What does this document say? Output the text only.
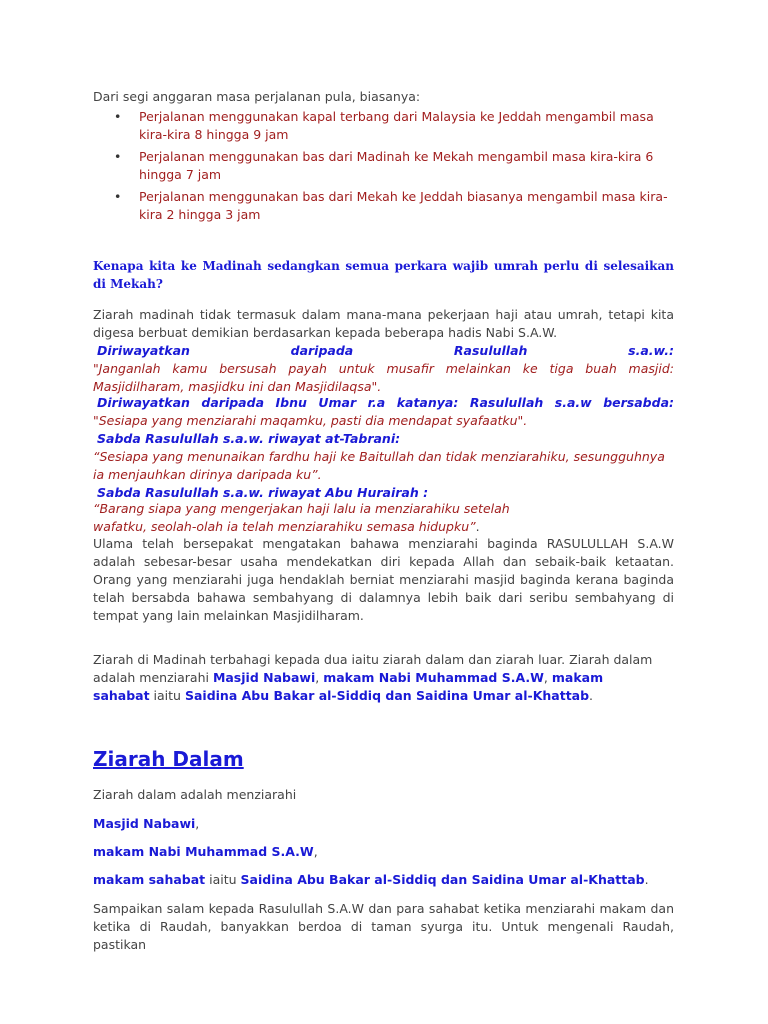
Dari segi anggaran masa perjalanan pula, biasanya:

• Perjalanan menggunakan kapal terbang dari Malaysia ke Jeddah mengambil masa kira-kira 8 hingga 9 jam
• Perjalanan menggunakan bas dari Madinah ke Mekah mengambil masa kira-kira 6 hingga 7 jam
• Perjalanan menggunakan bas dari Mekah ke Jeddah biasanya mengambil masa kira-kira 2 hingga 3 jam

Kenapa kita ke Madinah sedangkan semua perkara wajib umrah perlu di selesaikan di Mekah?

Ziarah madinah tidak termasuk dalam mana-mana pekerjaan haji atau umrah, tetapi kita digesa berbuat demikian berdasarkan kepada beberapa hadis Nabi S.A.W.

Diriwayatkan daripada Rasulullah s.a.w.:

"Janganlah kamu bersusah payah untuk musafir melainkan ke tiga buah masjid: Masjidilharam, masjidku ini dan Masjidilaqsa".

Diriwayatkan daripada Ibnu Umar r.a katanya: Rasulullah s.a.w bersabda:

"Sesiapa yang menziarahi maqamku, pasti dia mendapat syafaatku".

Sabda Rasulullah s.a.w. riwayat at-Tabrani:

“Sesiapa yang menunaikan fardhu haji ke Baitullah dan tidak menziarahiku, sesungguhnya ia menjauhkan dirinya daripada ku”.

Sabda Rasulullah s.a.w. riwayat Abu Hurairah :

“Barang siapa yang mengerjakan haji lalu ia menziarahiku setelah

wafatku, seolah-olah ia telah menziarahiku semasa hidupku”.

Ulama telah bersepakat mengatakan bahawa menziarahi baginda RASULULLAH S.A.W adalah sebesar-besar usaha mendekatkan diri kepada Allah dan sebaik-baik ketaatan. Orang yang menziarahi juga hendaklah berniat menziarahi masjid baginda kerana baginda telah bersabda bahawa sembahyang di dalamnya lebih baik dari seribu sembahyang di tempat yang lain melainkan Masjidilharam.

Ziarah di Madinah terbahagi kepada dua iaitu ziarah dalam dan ziarah luar. Ziarah dalam adalah menziarahi Masjid Nabawi, makam Nabi Muhammad S.A.W, makam
sahabat iaitu Saidina Abu Bakar al-Siddiq dan Saidina Umar al-Khattab.

Ziarah Dalam

Ziarah dalam adalah menziarahi

Masjid Nabawi,

makam Nabi Muhammad S.A.W,

makam sahabat iaitu Saidina Abu Bakar al-Siddiq dan Saidina Umar al-Khattab.

Sampaikan salam kepada Rasulullah S.A.W dan para sahabat ketika menziarahi makam dan ketika di Raudah, banyakkan berdoa di taman syurga itu. Untuk mengenali Raudah, pastikan
